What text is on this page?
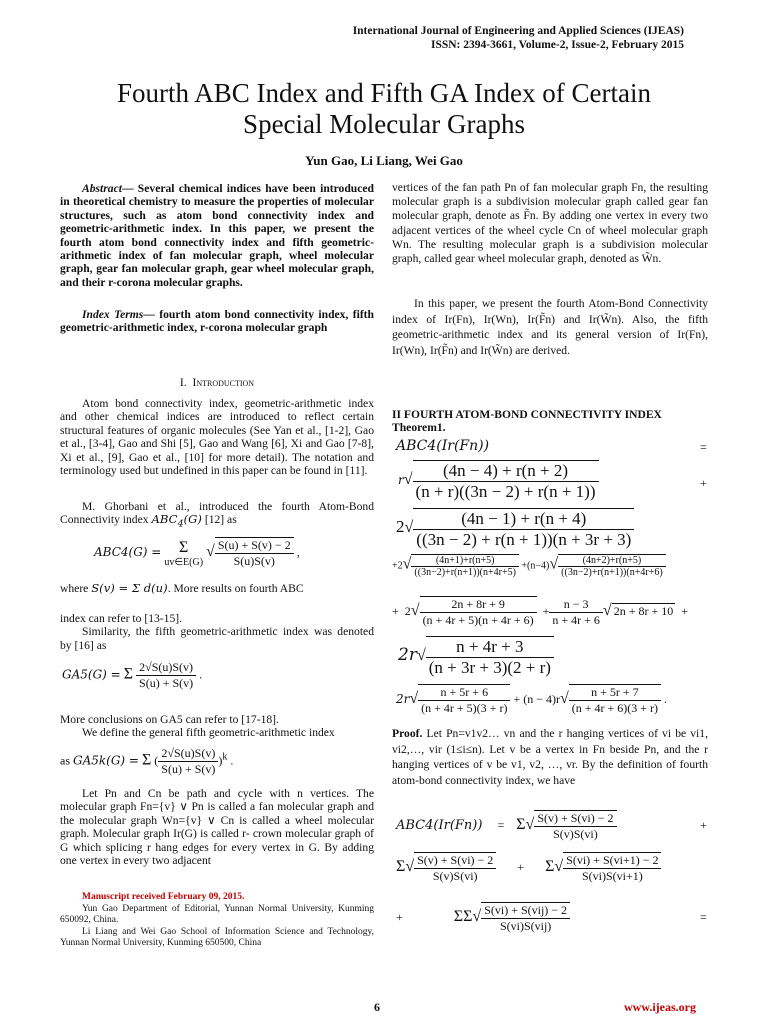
International Journal of Engineering and Applied Sciences (IJEAS)
ISSN: 2394-3661, Volume-2, Issue-2, February 2015
Fourth ABC Index and Fifth GA Index of Certain
Special Molecular Graphs
Yun Gao, Li Liang, Wei Gao

Abstract— Several chemical indices have been introduced in theoretical chemistry to measure the properties of molecular structures, such as atom bond connectivity index and geometric-arithmetic index. In this paper, we present the fourth atom bond connectivity index and fifth geometric-arithmetic index of fan molecular graph, wheel molecular graph, gear fan molecular graph, gear wheel molecular graph, and their r-corona molecular graphs.

Index Terms— fourth atom bond connectivity index, fifth geometric-arithmetic index, r-corona molecular graph

I. Introduction

Atom bond connectivity index, geometric-arithmetic index and other chemical indices are introduced to reflect certain structural features of organic molecules (See Yan et al., [1-2], Gao et al., [3-4], Gao and Shi [5], Gao and Wang [6], Xi and Gao [7-8], Xi et al., [9], Gao et al., [10] for more detail). The notation and terminology used but undefined in this paper can be found in [11].

M. Ghorbani et al., introduced the fourth Atom-Bond Connectivity index $ABC_4(G)$ [12] as

ABC4(G) = Σ
uv∈E(G) √ $\frac{S(u) + S(v) - 2}{S(u)S(v)}$ ,
where S(v) = Σ d(u). More results on fourth ABC

index can refer to [13-15].

Similarity, the fifth geometric-arithmetic index was denoted by [16] as

GA5(G) = Σ $\frac{2√S(u)S(v)}{S(u) + S(v)}$ .

More conclusions on GA5 can refer to [17-18].

We define the general fifth geometric-arithmetic index

as GA5k(G) = Σ ( $\frac{2√S(u)S(v)}{S(u) + S(v)} )^k$ .

Let Pn and Cn be path and cycle with n vertices. The molecular graph Fn={v} ∨ Pn is called a fan molecular graph and the molecular graph Wn={v} ∨ Cn is called a wheel molecular graph. Molecular graph Ir(G) is called r- crown molecular graph of G which splicing r hang edges for every vertex in G. By adding one vertex in every two adjacent

Manuscript received February 09, 2015.

Yun Gao Department of Editorial, Yunnan Normal University, Kunming 650092, China.

Li Liang and Wei Gao School of Information Science and Technology, Yunnan Normal University, Kunming 650500, China

vertices of the fan path Pn of fan molecular graph Fn, the resulting molecular graph is a subdivision molecular graph called gear fan molecular graph, denote as F̃n. By adding one vertex in every two adjacent vertices of the wheel cycle Cn of wheel molecular graph Wn. The resulting molecular graph is a subdivision molecular graph, called gear wheel molecular graph, denoted as W̃n.

In this paper, we present the fourth Atom-Bond Connectivity index of Ir(Fn), Ir(Wn), Ir(F̃n) and Ir(W̃n). Also, the fifth geometric-arithmetic index and its general version of Ir(Fn), Ir(Wn), Ir(F̃n) and Ir(W̃n) are derived.

II FOURTH ATOM-BOND CONNECTIVITY INDEX

Theorem1.

ABC4(Ir(Fn))	=
$r√ \frac{(4n - 4) + r(n + 2)}{(n + r)((3n - 2) + r(n + 1))}$	+
$2√ \frac{(4n - 1) + r(n + 4)}{((3n - 2) + r(n + 1))(n + 3r + 3)}$
$+2√ \frac{(4n+1)+r(n+5)}{((3n-2)+r(n+1))(n+4r+5)} +(n-4)√ \frac{(4n+2)+r(n+5)}{((3n-2)+r(n+1))(n+4r+6)}$
+  $2√ \frac{2n + 8r + 9}{(n + 4r + 5)(n + 4r + 6)} + \frac{n - 3}{n + 4r + 6}$ √ 2n + 8r + 10  +
$2r√ \frac{n + 4r + 3}{(n + 3r + 3)(2 + r)}$
$2r√ \frac{n + 5r + 6}{(n + 4r + 5)(3 + r)} + (n - 4)r√ \frac{n + 5r + 7}{(n + 4r + 6)(3 + r)}$ .

Proof. Let Pn=v1v2… vn and the r hanging vertices of vi be vi1, vi2,…, vir (1≤i≤n). Let v be a vertex in Fn beside Pn, and the r hanging vertices of v be v1, v2, …, vr. By the definition of fourth atom-bond connectivity index, we have

ABC4(Ir(Fn))     =    $\Sigma√ \frac{S(v) + S(vi) - 2}{S(v)S(vi)}$	+
$\Sigma√ \frac{S(v) + S(vi) - 2}{S(v)S(vi)}$ +       $\Sigma√ \frac{S(vi) + S(vi+1) - 2}{S(vi)S(vi+1)}$
+                 $\Sigma\Sigma√ \frac{\text{S(vi) + S(vij) − 2}}{\text{S(vi)S(vij)}}$	=
6	www.ijeas.org
